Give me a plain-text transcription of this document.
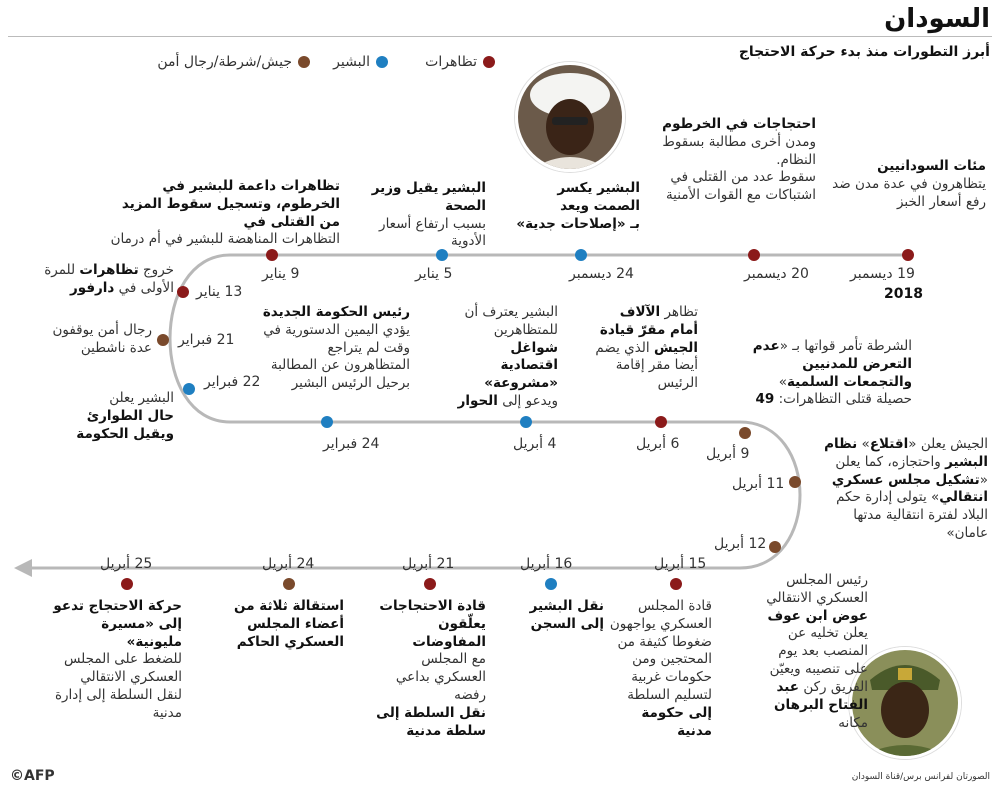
السودان
أبرز التطورات منذ بدء حركة الاحتجاج
تظاهرات
البشير
جيش/شرطة/رجال أمن
مئات السودانيين
يتظاهرون في عدة مدن ضد رفع أسعار الخبز
19 ديسمبر
2018
احتجاجات في الخرطوم
ومدن أخرى مطالبة بسقوط النظام.
سقوط عدد من القتلى في اشتباكات مع القوات الأمنية
20 ديسمبر
البشير يكسر الصمت ويعد
بـ «إصلاحات جدية»
24 ديسمبر
البشير يقيل وزير الصحة
بسبب ارتفاع أسعار الأدوية
5 يناير
تظاهرات داعمة للبشير في الخرطوم، وتسجيل سقوط المزيد من القتلى في
التظاهرات المناهضة للبشير في أم درمان
9 يناير
13 يناير
خروج تظاهرات للمرة الأولى في دارفور
21 فبراير
رجال أمن يوقفون عدة ناشطين
22 فبراير
البشير يعلن
حال الطوارئ ويقيل الحكومة
رئيس الحكومة الجديدة
يؤدي اليمين الدستورية في وقت لم يتراجع المتظاهرون عن المطالبة برحيل الرئيس البشير
24 فبراير
البشير يعترف أن للمتظاهرين شواغل اقتصادية «مشروعة» ويدعو إلى الحوار
4 أبريل
تظاهر الآلاف أمام مقرّ قيادة الجيش الذي يضم أيضا مقر إقامة الرئيس
6 أبريل
الشرطة تأمر قواتها بـ «عدم التعرض للمدنيين والتجمعات السلمية»
حصيلة قتلى التظاهرات: 49
9 أبريل
الجيش يعلن «اقتلاع» نظام البشير واحتجازه، كما يعلن «تشكيل مجلس عسكري انتقالي» يتولى إدارة حكم البلاد لفترة انتقالية مدتها عامان»
11 أبريل
12 أبريل
رئيس المجلس العسكري الانتقالي عوض ابن عوف يعلن تخليه عن المنصب بعد يوم على تنصيبه ويعيّن الفريق ركن عبد الفتاح البرهان مكانه
15 أبريل
قادة المجلس العسكري يواجهون ضغوطا كثيفة من المحتجين ومن حكومات غربية لتسليم السلطة
إلى حكومة مدنية
16 أبريل
نقل البشير إلى السجن
21 أبريل
قادة الاحتجاجات يعلّقون المفاوضات
مع المجلس العسكري بداعي رفضه
نقل السلطة إلى سلطة مدنية
24 أبريل
استقالة ثلاثة من أعضاء المجلس العسكري الحاكم
25 أبريل
حركة الاحتجاج تدعو إلى «مسيرة مليونية»
للضغط على المجلس العسكري الانتقالي لنقل السلطة إلى إدارة مدنية
الصورتان لفرانس برس/قناة السودان
©AFP
